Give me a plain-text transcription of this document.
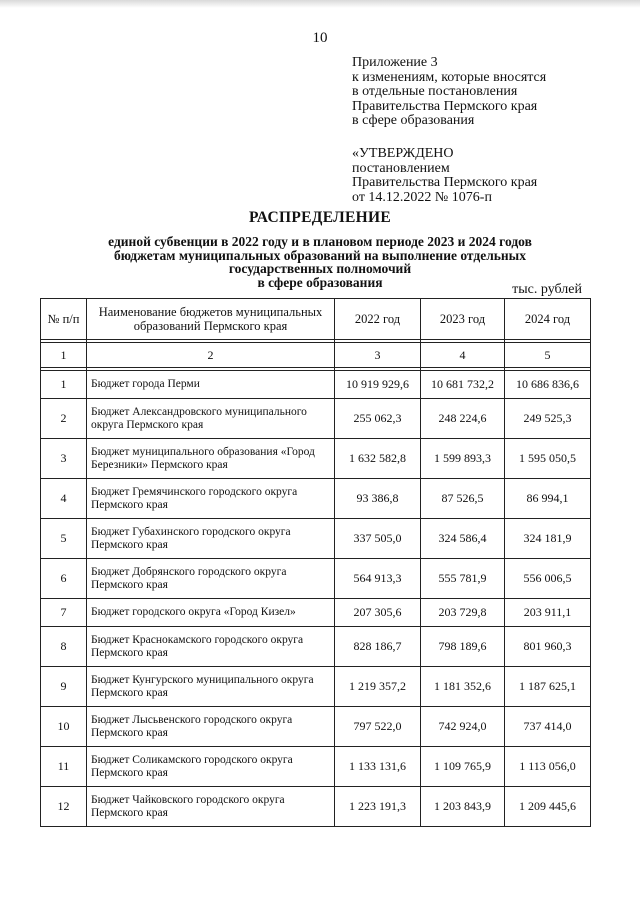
10
Приложение 3
к изменениям, которые вносятся
в отдельные постановления
Правительства Пермского края
в сфере образования
«УТВЕРЖДЕНО
постановлением
Правительства Пермского края
от 14.12.2022 № 1076-п
РАСПРЕДЕЛЕНИЕ
единой субвенции в 2022 году и в плановом периоде 2023 и 2024 годов
бюджетам муниципальных образований на выполнение отдельных
государственных полномочий
в сфере образования	тыс. рублей
№ п/п	Наименование бюджетов муниципальных образований Пермского края	2022 год	2023 год	2024 год

1	2	3	4	5

1	Бюджет города Перми	10 919 929,6	10 681 732,2	10 686 836,6
2	Бюджет Александровского муниципального округа Пермского края	255 062,3	248 224,6	249 525,3
3	Бюджет муниципального образования «Город Березники» Пермского края	1 632 582,8	1 599 893,3	1 595 050,5
4	Бюджет Гремячинского городского округа Пермского края	93 386,8	87 526,5	86 994,1
5	Бюджет Губахинского городского округа Пермского края	337 505,0	324 586,4	324 181,9
6	Бюджет Добрянского городского округа Пермского края	564 913,3	555 781,9	556 006,5
7	Бюджет городского округа «Город Кизел»	207 305,6	203 729,8	203 911,1
8	Бюджет Краснокамского городского округа Пермского края	828 186,7	798 189,6	801 960,3
9	Бюджет Кунгурского муниципального округа Пермского края	1 219 357,2	1 181 352,6	1 187 625,1
10	Бюджет Лысьвенского городского округа Пермского края	797 522,0	742 924,0	737 414,0
11	Бюджет Соликамского городского округа Пермского края	1 133 131,6	1 109 765,9	1 113 056,0
12	Бюджет Чайковского городского округа Пермского края	1 223 191,3	1 203 843,9	1 209 445,6
